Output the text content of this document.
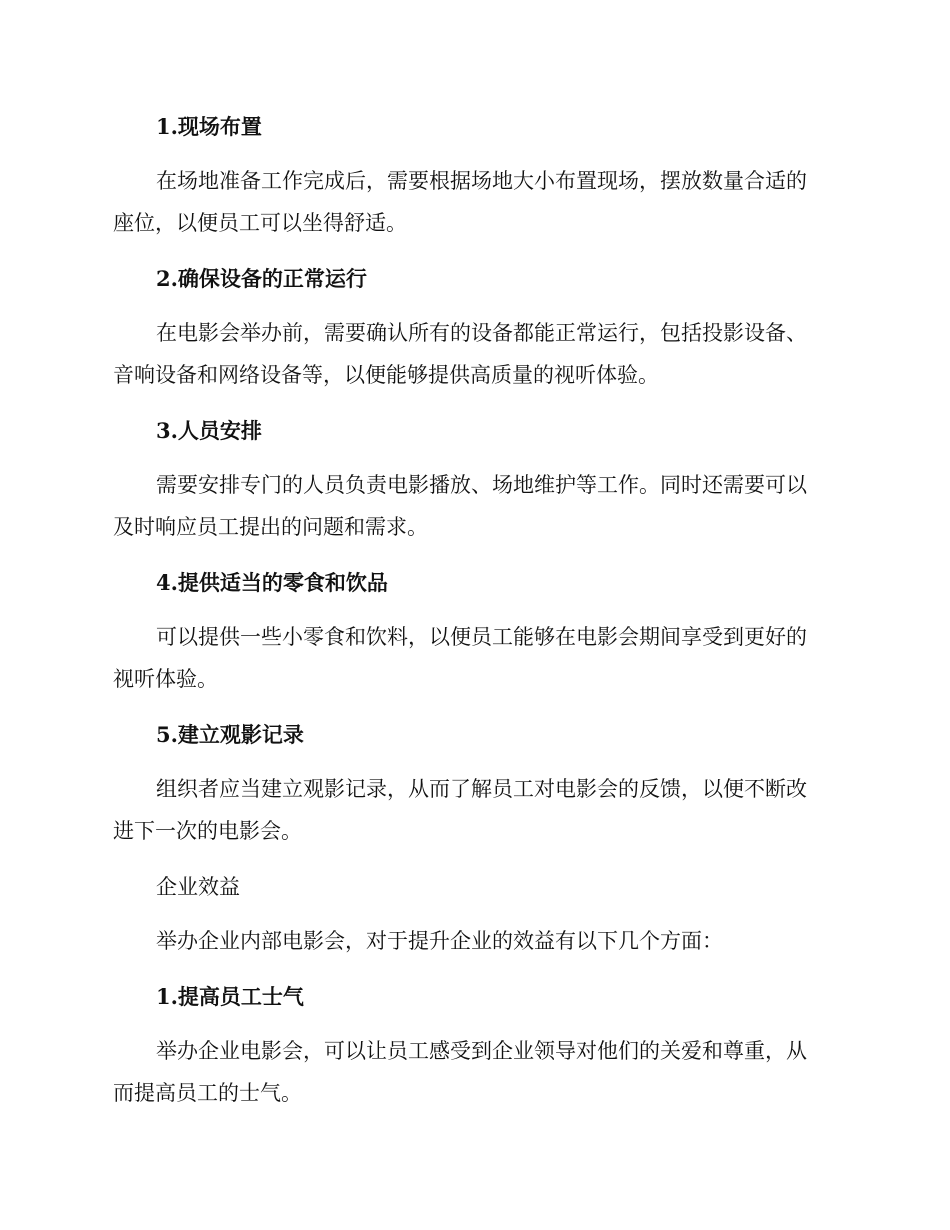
1.现场布置
在场地准备工作完成后，需要根据场地大小布置现场，摆放数量合适的
座位，以便员工可以坐得舒适。
2.确保设备的正常运行
在电影会举办前，需要确认所有的设备都能正常运行，包括投影设备、
音响设备和网络设备等，以便能够提供高质量的视听体验。
3.人员安排
需要安排专门的人员负责电影播放、场地维护等工作。同时还需要可以
及时响应员工提出的问题和需求。
4.提供适当的零食和饮品
可以提供一些小零食和饮料，以便员工能够在电影会期间享受到更好的
视听体验。
5.建立观影记录
组织者应当建立观影记录，从而了解员工对电影会的反馈，以便不断改
进下一次的电影会。
企业效益
举办企业内部电影会，对于提升企业的效益有以下几个方面：
1.提高员工士气
举办企业电影会，可以让员工感受到企业领导对他们的关爱和尊重，从
而提高员工的士气。
